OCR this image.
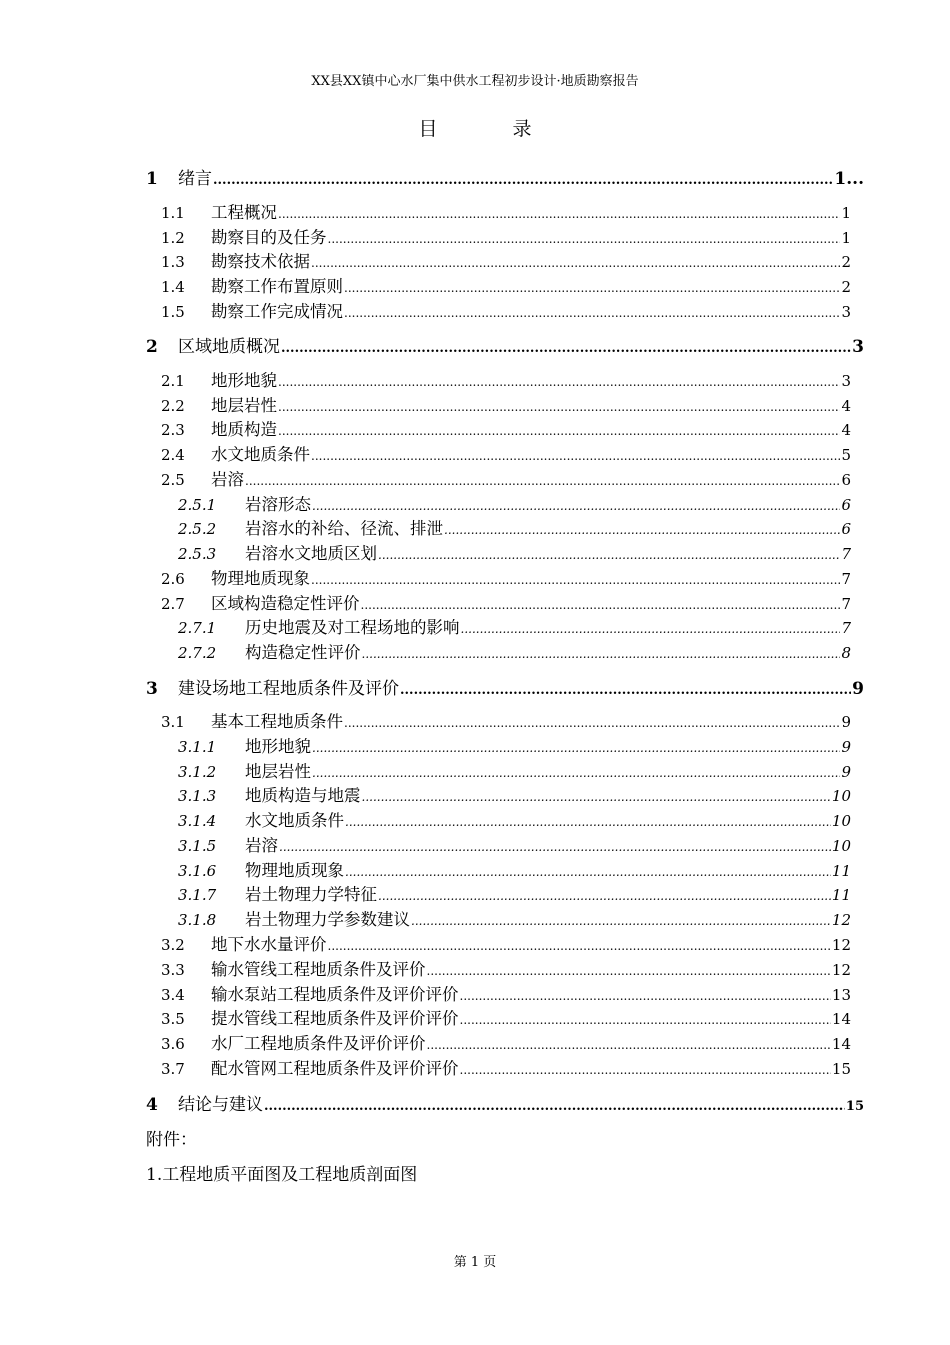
XX县XX镇中心水厂集中供水工程初步设计·地质勘察报告
目　录
1	绪言 .....	1...
1.1	工程概况 .....	1
1.2	勘察目的及任务 .....	1
1.3	勘察技术依据 .....	2
1.4	勘察工作布置原则 .....	2
1.5	勘察工作完成情况 .....	3
2	区域地质概况 .....	3
2.1	地形地貌 .....	3
2.2	地层岩性 .....	4
2.3	地质构造 .....	4
2.4	水文地质条件 .....	5
2.5	岩溶 .....	6
2.5.1	岩溶形态 .....	6
2.5.2	岩溶水的补给、径流、排泄 .....	6
2.5.3	岩溶水文地质区划 .....	7
2.6	物理地质现象 .....	7
2.7	区域构造稳定性评价 .....	7
2.7.1	历史地震及对工程场地的影响 .....	7
2.7.2	构造稳定性评价 .....	8
3	建设场地工程地质条件及评价 .....	9
3.1	基本工程地质条件 .....	9
3.1.1	地形地貌 .....	9
3.1.2	地层岩性 .....	9
3.1.3	地质构造与地震 .....	10
3.1.4	水文地质条件 .....	10
3.1.5	岩溶 .....	10
3.1.6	物理地质现象 .....	11
3.1.7	岩土物理力学特征 .....	11
3.1.8	岩土物理力学参数建议 .....	12
3.2	地下水水量评价 .....	12
3.3	输水管线工程地质条件及评价 .....	12
3.4	输水泵站工程地质条件及评价评价 .....	13
3.5	提水管线工程地质条件及评价评价 .....	14
3.6	水厂工程地质条件及评价评价 .....	14
3.7	配水管网工程地质条件及评价评价 .....	15
4	结论与建议 .....	15
附件：
1.工程地质平面图及工程地质剖面图
第 1 页
